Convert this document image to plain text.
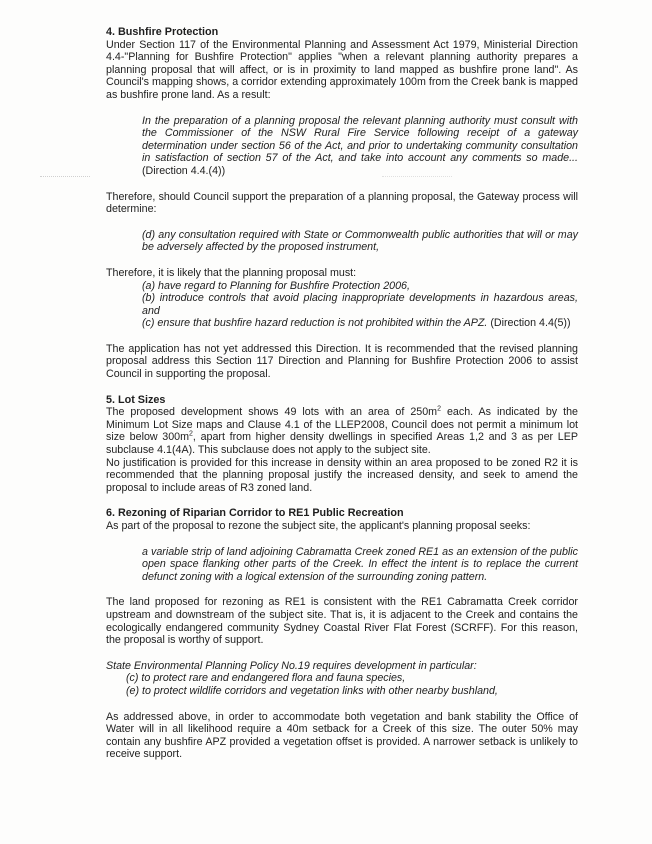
4. Bushfire Protection

Under Section 117 of the Environmental Planning and Assessment Act 1979, Ministerial Direction 4.4-"Planning for Bushfire Protection" applies "when a relevant planning authority prepares a planning proposal that will affect, or is in proximity to land mapped as bushfire prone land". As Council's mapping shows, a corridor extending approximately 100m from the Creek bank is mapped as bushfire prone land. As a result:

In the preparation of a planning proposal the relevant planning authority must consult with the Commissioner of the NSW Rural Fire Service following receipt of a gateway determination under section 56 of the Act, and prior to undertaking community consultation in satisfaction of section 57 of the Act, and take into account any comments so made... (Direction 4.4.(4))

Therefore, should Council support the preparation of a planning proposal, the Gateway process will determine:

(d) any consultation required with State or Commonwealth public authorities that will or may be adversely affected by the proposed instrument,

Therefore, it is likely that the planning proposal must:

(a) have regard to Planning for Bushfire Protection 2006,

(b) introduce controls that avoid placing inappropriate developments in hazardous areas, and

(c) ensure that bushfire hazard reduction is not prohibited within the APZ. (Direction 4.4(5))

The application has not yet addressed this Direction. It is recommended that the revised planning proposal address this Section 117 Direction and Planning for Bushfire Protection 2006 to assist Council in supporting the proposal.

5. Lot Sizes

The proposed development shows 49 lots with an area of $250m^2$ each. As indicated by the Minimum Lot Size maps and Clause 4.1 of the LLEP2008, Council does not permit a minimum lot size below $300m^2$, apart from higher density dwellings in specified Areas 1,2 and 3 as per LEP subclause 4.1(4A). This subclause does not apply to the subject site.

No justification is provided for this increase in density within an area proposed to be zoned R2 it is recommended that the planning proposal justify the increased density, and seek to amend the proposal to include areas of R3 zoned land.

6. Rezoning of Riparian Corridor to RE1 Public Recreation

As part of the proposal to rezone the subject site, the applicant's planning proposal seeks:

a variable strip of land adjoining Cabramatta Creek zoned RE1 as an extension of the public open space flanking other parts of the Creek. In effect the intent is to replace the current defunct zoning with a logical extension of the surrounding zoning pattern.

The land proposed for rezoning as RE1 is consistent with the RE1 Cabramatta Creek corridor upstream and downstream of the subject site. That is, it is adjacent to the Creek and contains the ecologically endangered community Sydney Coastal River Flat Forest (SCRFF). For this reason, the proposal is worthy of support.

State Environmental Planning Policy No.19 requires development in particular:

(c) to protect rare and endangered flora and fauna species,

(e) to protect wildlife corridors and vegetation links with other nearby bushland,

As addressed above, in order to accommodate both vegetation and bank stability the Office of Water will in all likelihood require a 40m setback for a Creek of this size. The outer 50% may contain any bushfire APZ provided a vegetation offset is provided. A narrower setback is unlikely to receive support.
